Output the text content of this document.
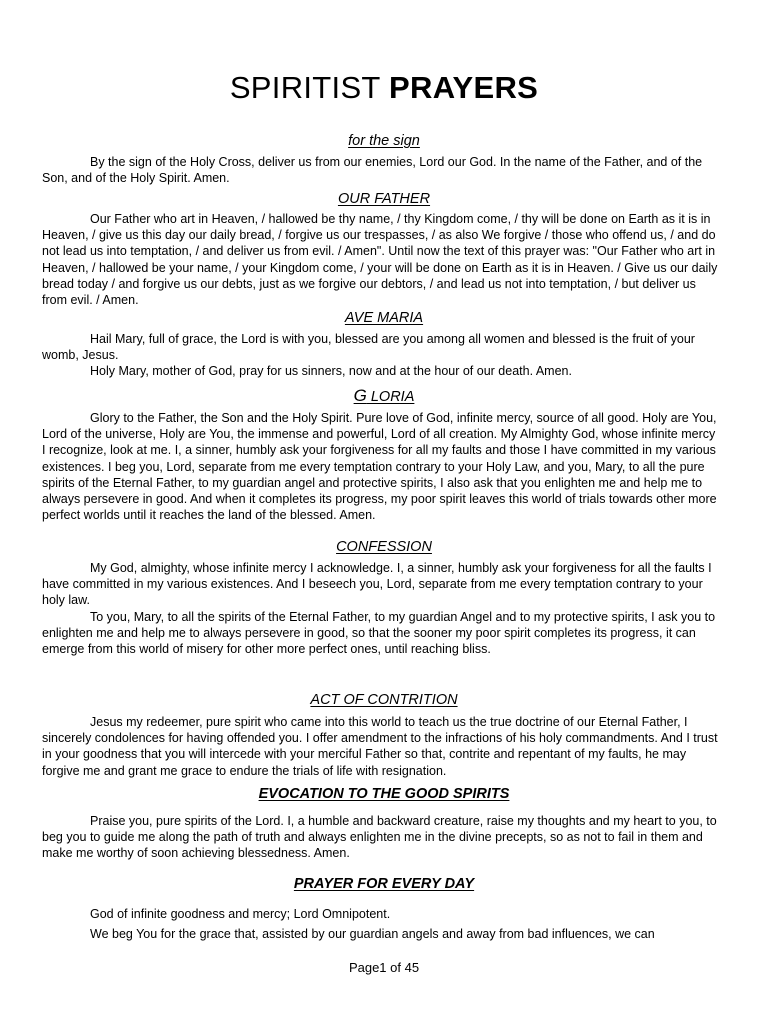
SPIRITIST PRAYERS
for the sign

By the sign of the Holy Cross, deliver us from our enemies, Lord our God. In the name of the Father, and of the Son, and of the Holy Spirit. Amen.

OUR FATHER

Our Father who art in Heaven, / hallowed be thy name, / thy Kingdom come, / thy will be done on Earth as it is in Heaven, / give us this day our daily bread, / forgive us our trespasses, / as also We forgive / those who offend us, / and do not lead us into temptation, / and deliver us from evil. / Amen". Until now the text of this prayer was: "Our Father who art in Heaven, / hallowed be your name, / your Kingdom come, / your will be done on Earth as it is in Heaven. / Give us our daily bread today / and forgive us our debts, just as we forgive our debtors, / and lead us not into temptation, / but deliver us from evil. / Amen.

AVE MARIA

Hail Mary, full of grace, the Lord is with you, blessed are you among all women and blessed is the fruit of your womb, Jesus.

Holy Mary, mother of God, pray for us sinners, now and at the hour of our death. Amen.

G LORIA

Glory to the Father, the Son and the Holy Spirit. Pure love of God, infinite mercy, source of all good. Holy are You, Lord of the universe, Holy are You, the immense and powerful, Lord of all creation. My Almighty God, whose infinite mercy I recognize, look at me. I, a sinner, humbly ask your forgiveness for all my faults and those I have committed in my various existences. I beg you, Lord, separate from me every temptation contrary to your Holy Law, and you, Mary, to all the pure spirits of the Eternal Father, to my guardian angel and protective spirits, I also ask that you enlighten me and help me to always persevere in good. And when it completes its progress, my poor spirit leaves this world of trials towards other more perfect worlds until it reaches the land of the blessed. Amen.

CONFESSION

My God, almighty, whose infinite mercy I acknowledge. I, a sinner, humbly ask your forgiveness for all the faults I have committed in my various existences. And I beseech you, Lord, separate from me every temptation contrary to your holy law.

To you, Mary, to all the spirits of the Eternal Father, to my guardian Angel and to my protective spirits, I ask you to enlighten me and help me to always persevere in good, so that the sooner my poor spirit completes its progress, it can emerge from this world of misery for other more perfect ones, until reaching bliss.

ACT OF CONTRITION

Jesus my redeemer, pure spirit who came into this world to teach us the true doctrine of our Eternal Father, I sincerely condolences for having offended you. I offer amendment to the infractions of his holy commandments. And I trust in your goodness that you will intercede with your merciful Father so that, contrite and repentant of my faults, he may forgive me and grant me grace to endure the trials of life with resignation.

EVOCATION TO THE GOOD SPIRITS

Praise you, pure spirits of the Lord. I, a humble and backward creature, raise my thoughts and my heart to you, to beg you to guide me along the path of truth and always enlighten me in the divine precepts, so as not to fail in them and make me worthy of soon achieving blessedness. Amen.

PRAYER FOR EVERY DAY

God of infinite goodness and mercy; Lord Omnipotent.

We beg You for the grace that, assisted by our guardian angels and away from bad influences, we can

Page1 of 45
